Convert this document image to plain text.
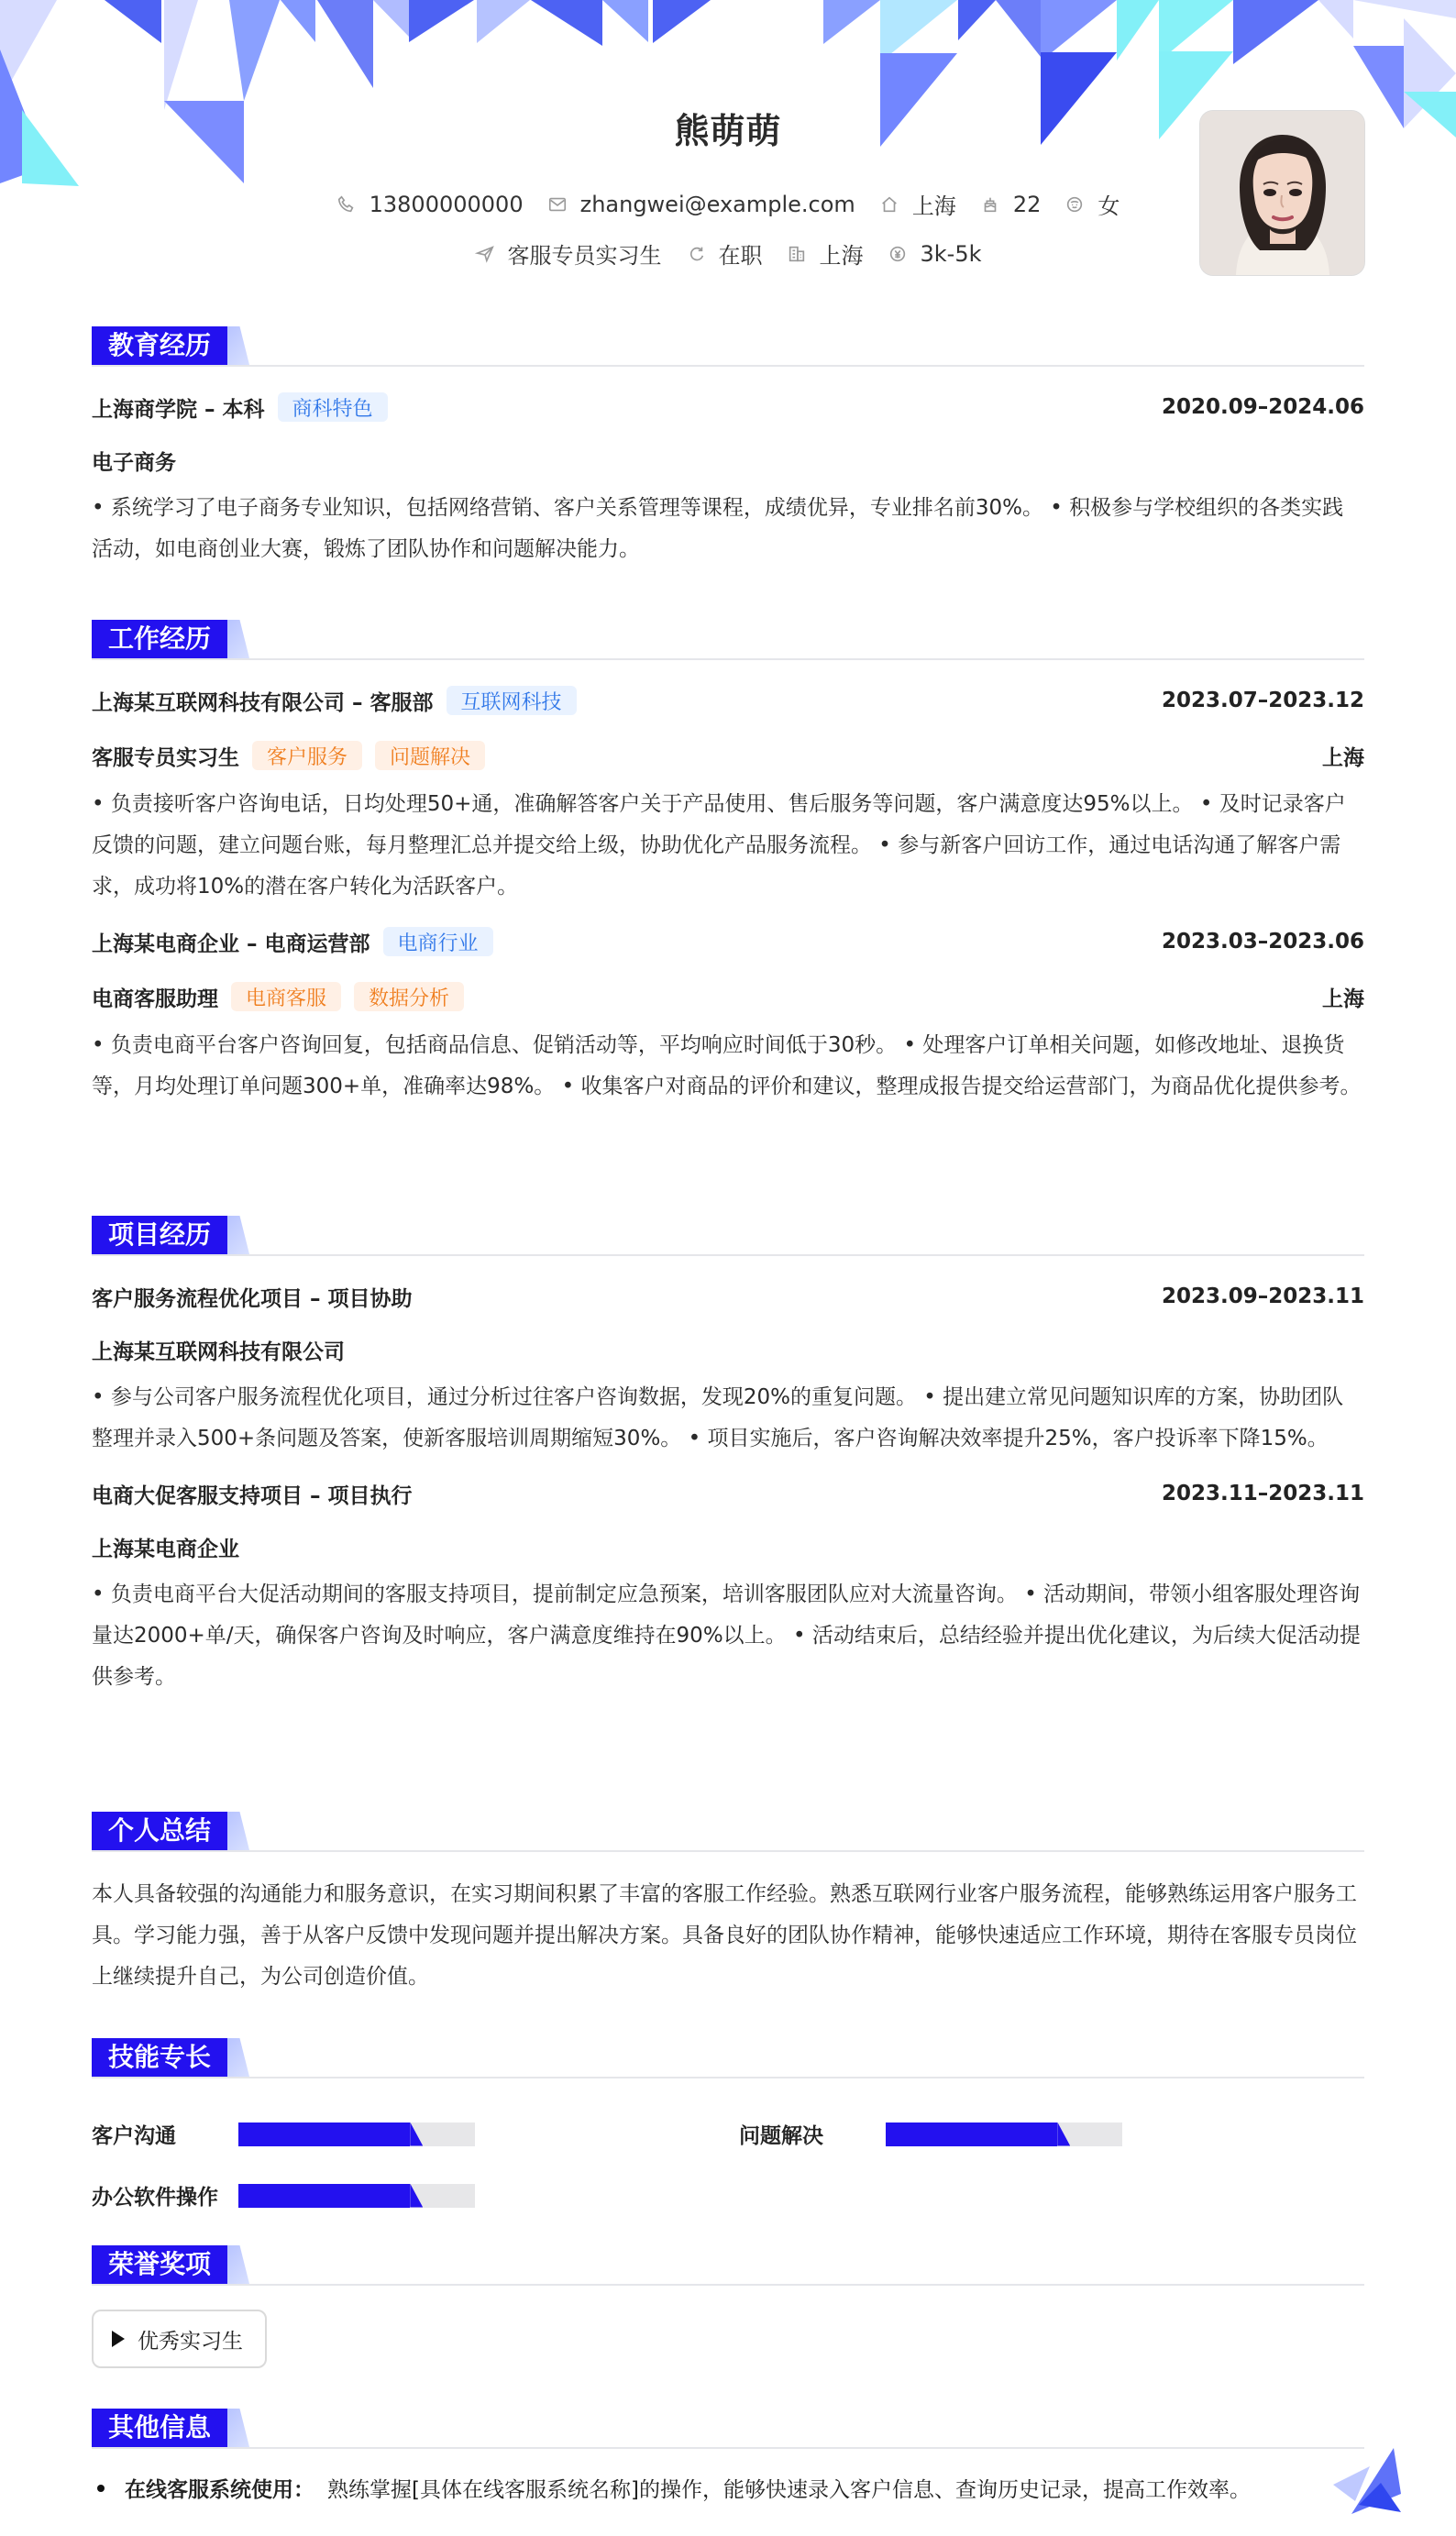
熊萌萌
13800000000	zhangwei@example.com	上海	22	女
客服专员实习生	在职	上海	3k-5k
教育经历
上海商学院 – 本科	商科特色	2020.09–2024.06
电子商务
• 系统学习了电子商务专业知识，包括网络营销、客户关系管理等课程，成绩优异，专业排名前30%。 • 积极参与学校组织的各类实践活动，如电商创业大赛，锻炼了团队协作和问题解决能力。
工作经历
上海某互联网科技有限公司 – 客服部	互联网科技	2023.07–2023.12
客服专员实习生	客户服务	问题解决	上海
• 负责接听客户咨询电话，日均处理50+通，准确解答客户关于产品使用、售后服务等问题，客户满意度达95%以上。 • 及时记录客户反馈的问题，建立问题台账，每月整理汇总并提交给上级，协助优化产品服务流程。 • 参与新客户回访工作，通过电话沟通了解客户需求，成功将10%的潜在客户转化为活跃客户。
上海某电商企业 – 电商运营部	电商行业	2023.03–2023.06
电商客服助理	电商客服	数据分析	上海
• 负责电商平台客户咨询回复，包括商品信息、促销活动等，平均响应时间低于30秒。 • 处理客户订单相关问题，如修改地址、退换货等，月均处理订单问题300+单，准确率达98%。 • 收集客户对商品的评价和建议，整理成报告提交给运营部门，为商品优化提供参考。
项目经历
客户服务流程优化项目 – 项目协助	2023.09–2023.11
上海某互联网科技有限公司
• 参与公司客户服务流程优化项目，通过分析过往客户咨询数据，发现20%的重复问题。 • 提出建立常见问题知识库的方案，协助团队整理并录入500+条问题及答案，使新客服培训周期缩短30%。 • 项目实施后，客户咨询解决效率提升25%，客户投诉率下降15%。
电商大促客服支持项目 – 项目执行	2023.11–2023.11
上海某电商企业
• 负责电商平台大促活动期间的客服支持项目，提前制定应急预案，培训客服团队应对大流量咨询。 • 活动期间，带领小组客服处理咨询量达2000+单/天，确保客户咨询及时响应，客户满意度维持在90%以上。 • 活动结束后，总结经验并提出优化建议，为后续大促活动提供参考。
个人总结
本人具备较强的沟通能力和服务意识，在实习期间积累了丰富的客服工作经验。熟悉互联网行业客户服务流程，能够熟练运用客户服务工具。学习能力强，善于从客户反馈中发现问题并提出解决方案。具备良好的团队协作精神，能够快速适应工作环境，期待在客服专员岗位上继续提升自己，为公司创造价值。
技能专长
客户沟通	问题解决
办公软件操作
荣誉奖项
优秀实习生
其他信息
在线客服系统使用： 熟练掌握[具体在线客服系统名称]的操作，能够快速录入客户信息、查询历史记录，提高工作效率。
